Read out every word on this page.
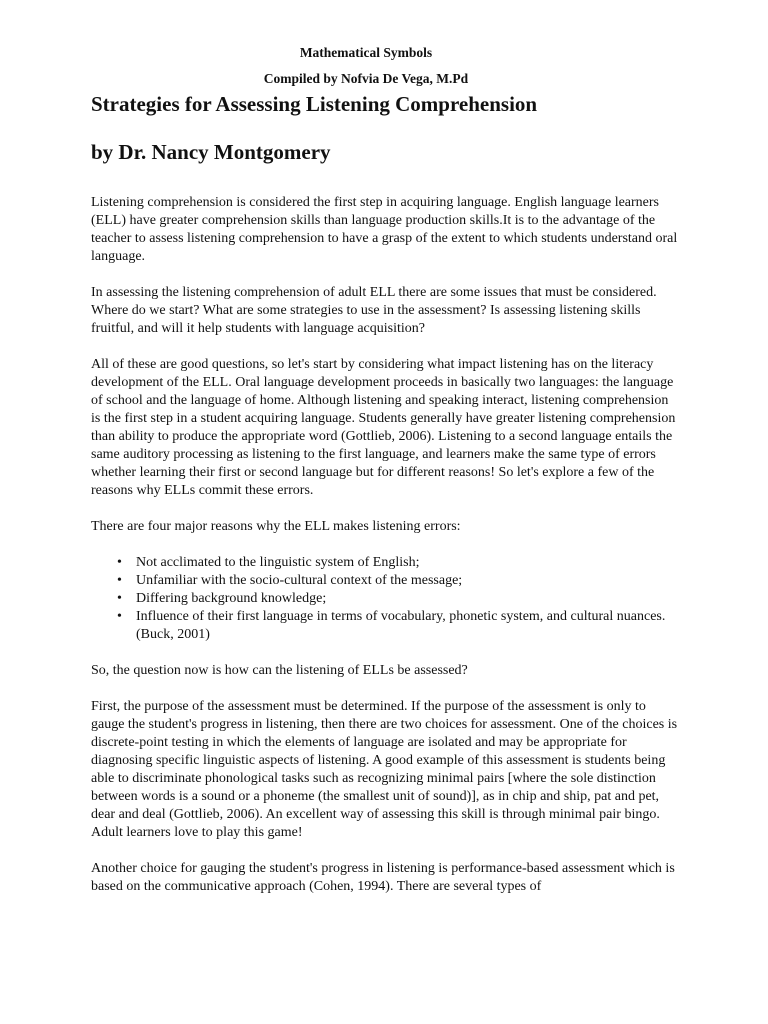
Mathematical Symbols

Compiled by Nofvia De Vega, M.Pd

Strategies for Assessing Listening Comprehension
by Dr. Nancy Montgomery

Listening comprehension is considered the first step in acquiring language. English language learners (ELL) have greater comprehension skills than language production skills.It is to the advantage of the teacher to assess listening comprehension to have a grasp of the extent to which students understand oral language.

In assessing the listening comprehension of adult ELL there are some issues that must be considered. Where do we start? What are some strategies to use in the assessment? Is assessing listening skills fruitful, and will it help students with language acquisition?

All of these are good questions, so let's start by considering what impact listening has on the literacy development of the ELL. Oral language development proceeds in basically two languages: the language of school and the language of home. Although listening and speaking interact, listening comprehension is the first step in a student acquiring language. Students generally have greater listening comprehension than ability to produce the appropriate word (Gottlieb, 2006). Listening to a second language entails the same auditory processing as listening to the first language, and learners make the same type of errors whether learning their first or second language but for different reasons! So let's explore a few of the reasons why ELLs commit these errors.

There are four major reasons why the ELL makes listening errors:

• Not acclimated to the linguistic system of English;
• Unfamiliar with the socio-cultural context of the message;
• Differing background knowledge;
• Influence of their first language in terms of vocabulary, phonetic system, and cultural nuances. (Buck, 2001)

So, the question now is how can the listening of ELLs be assessed?

First, the purpose of the assessment must be determined. If the purpose of the assessment is only to gauge the student's progress in listening, then there are two choices for assessment. One of the choices is discrete-point testing in which the elements of language are isolated and may be appropriate for diagnosing specific linguistic aspects of listening. A good example of this assessment is students being able to discriminate phonological tasks such as recognizing minimal pairs [where the sole distinction between words is a sound or a phoneme (the smallest unit of sound)], as in chip and ship, pat and pet, dear and deal (Gottlieb, 2006). An excellent way of assessing this skill is through minimal pair bingo. Adult learners love to play this game!

Another choice for gauging the student's progress in listening is performance-based assessment which is based on the communicative approach (Cohen, 1994). There are several types of
